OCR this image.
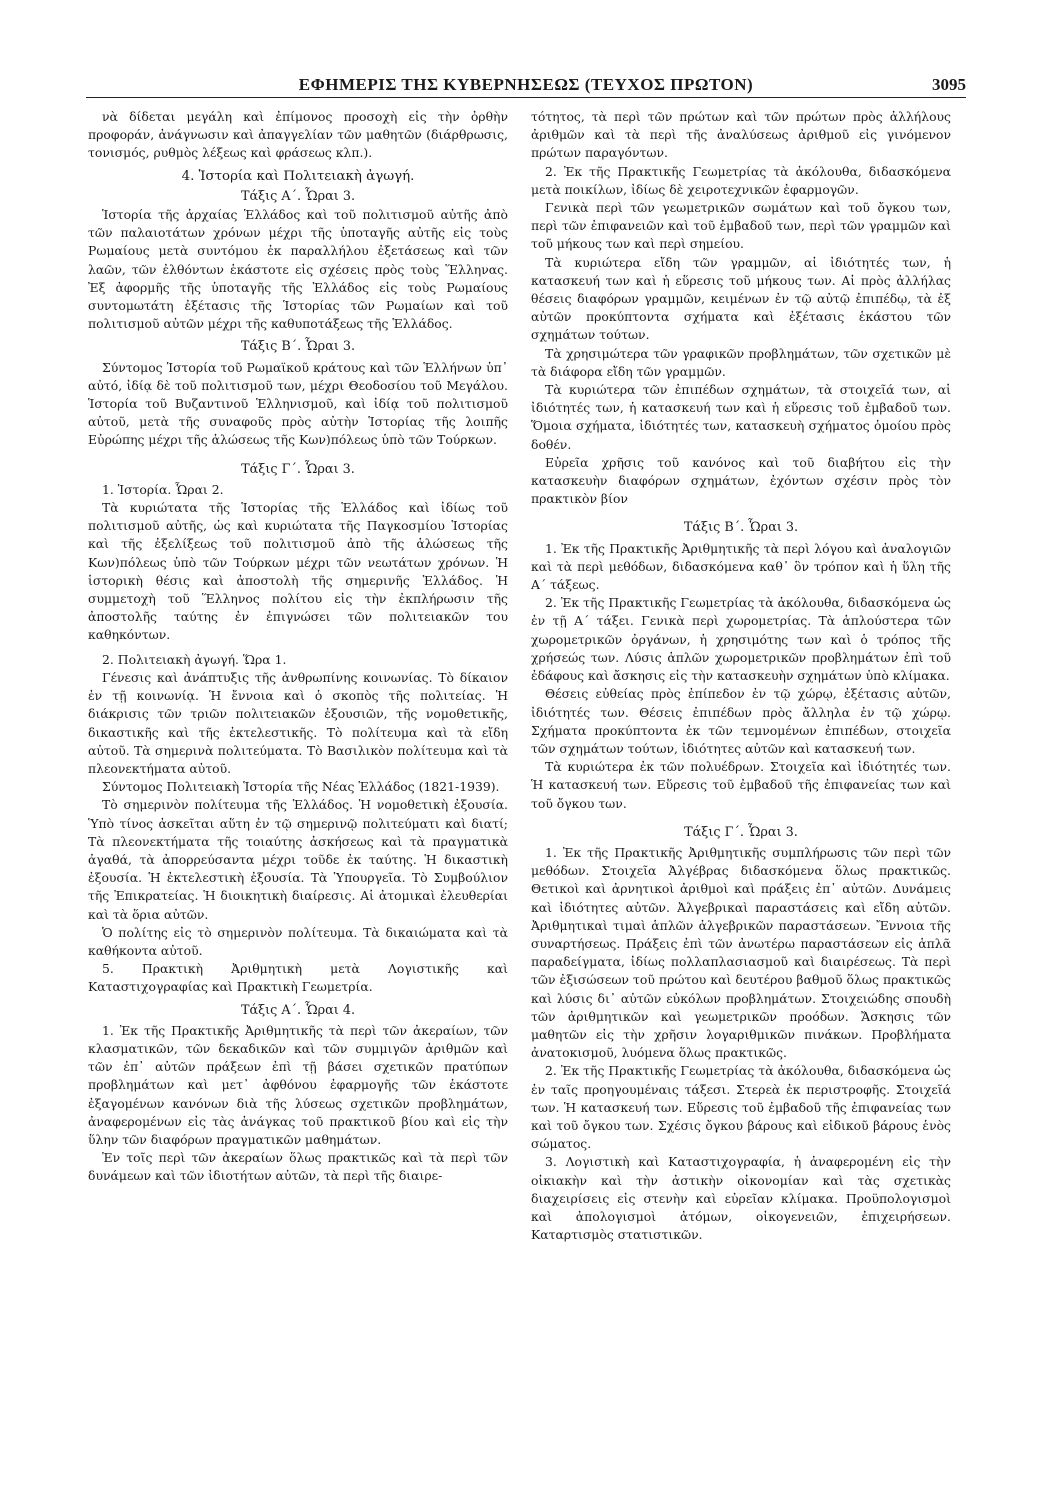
ΕΦΗΜΕΡΙΣ ΤΗΣ ΚΥΒΕΡΝΗΣΕΩΣ (ΤΕΥΧΟΣ ΠΡΩΤΟΝ)	3095

νὰ δίδεται μεγάλη καὶ ἐπίμονος προσοχὴ εἰς τὴν ὀρθὴν προφοράν, ἀνάγνωσιν καὶ ἀπαγγελίαν τῶν μαθητῶν (διάρθρωσις, τονισμός, ρυθμὸς λέξεως καὶ φράσεως κλπ.).

4. Ἱστορία καὶ Πολιτειακὴ ἀγωγή.
Τάξις Α΄. Ὧραι 3.

Ἱστορία τῆς ἀρχαίας Ἑλλάδος καὶ τοῦ πολιτισμοῦ αὐτῆς ἀπὸ τῶν παλαιοτάτων χρόνων μέχρι τῆς ὑποταγῆς αὐτῆς εἰς τοὺς Ρωμαίους μετὰ συντόμου ἐκ παραλλήλου ἐξετάσεως καὶ τῶν λαῶν, τῶν ἐλθόντων ἑκάστοτε εἰς σχέσεις πρὸς τοὺς Ἕλληνας. Ἐξ ἀφορμῆς τῆς ὑποταγῆς τῆς Ἑλλάδος εἰς τοὺς Ρωμαίους συντομωτάτη ἐξέτασις τῆς Ἱστορίας τῶν Ρωμαίων καὶ τοῦ πολιτισμοῦ αὐτῶν μέχρι τῆς καθυποτάξεως τῆς Ἑλλάδος.

Τάξις Β΄. Ὧραι 3.

Σύντομος Ἱστορία τοῦ Ρωμαϊκοῦ κράτους καὶ τῶν Ἑλλήνων ὑπ᾽ αὐτό, ἰδίᾳ δὲ τοῦ πολιτισμοῦ των, μέχρι Θεοδοσίου τοῦ Μεγάλου. Ἱστορία τοῦ Βυζαντινοῦ Ἑλληνισμοῦ, καὶ ἰδίᾳ τοῦ πολιτισμοῦ αὐτοῦ, μετὰ τῆς συναφοῦς πρὸς αὐτὴν Ἱστορίας τῆς λοιπῆς Εὐρώπης μέχρι τῆς ἁλώσεως τῆς Κων)πόλεως ὑπὸ τῶν Τούρκων.

Τάξις Γ΄. Ὧραι 3.

1. Ἱστορία. Ὧραι 2.

Τὰ κυριώτατα τῆς Ἱστορίας τῆς Ἑλλάδος καὶ ἰδίως τοῦ πολιτισμοῦ αὐτῆς, ὡς καὶ κυριώτατα τῆς Παγκοσμίου Ἱστορίας καὶ τῆς ἐξελίξεως τοῦ πολιτισμοῦ ἀπὸ τῆς ἁλώσεως τῆς Κων)πόλεως ὑπὸ τῶν Τούρκων μέχρι τῶν νεωτάτων χρόνων. Ἡ ἱστορικὴ θέσις καὶ ἀποστολὴ τῆς σημερινῆς Ἑλλάδος. Ἡ συμμετοχὴ τοῦ Ἕλληνος πολίτου εἰς τὴν ἐκπλήρωσιν τῆς ἀποστολῆς ταύτης ἐν ἐπιγνώσει τῶν πολιτειακῶν του καθηκόντων.

2. Πολιτειακὴ ἀγωγή. Ὥρα 1.

Γένεσις καὶ ἀνάπτυξις τῆς ἀνθρωπίνης κοινωνίας. Τὸ δίκαιον ἐν τῇ κοινωνίᾳ. Ἡ ἔννοια καὶ ὁ σκοπὸς τῆς πολιτείας. Ἡ διάκρισις τῶν τριῶν πολιτειακῶν ἐξουσιῶν, τῆς νομοθετικῆς, δικαστικῆς καὶ τῆς ἐκτελεστικῆς. Τὸ πολίτευμα καὶ τὰ εἴδη αὐτοῦ. Τὰ σημερινὰ πολιτεύματα. Τὸ Βασιλικὸν πολίτευμα καὶ τὰ πλεονεκτήματα αὐτοῦ.

Σύντομος Πολιτειακὴ Ἱστορία τῆς Νέας Ἑλλάδος (1821-1939).

Τὸ σημερινὸν πολίτευμα τῆς Ἑλλάδος. Ἡ νομοθετικὴ ἐξουσία. Ὑπὸ τίνος ἀσκεῖται αὕτη ἐν τῷ σημερινῷ πολιτεύματι καὶ διατί; Τὰ πλεονεκτήματα τῆς τοιαύτης ἀσκήσεως καὶ τὰ πραγματικὰ ἀγαθά, τὰ ἀπορρεύσαντα μέχρι τοῦδε ἐκ ταύτης. Ἡ δικαστικὴ ἐξουσία. Ἡ ἐκτελεστικὴ ἐξουσία. Τὰ Ὑπουργεῖα. Τὸ Συμβούλιον τῆς Ἐπικρατείας. Ἡ διοικητικὴ διαίρεσις. Αἱ ἀτομικαὶ ἐλευθερίαι καὶ τὰ ὅρια αὐτῶν.

Ὁ πολίτης εἰς τὸ σημερινὸν πολίτευμα. Τὰ δικαιώματα καὶ τὰ καθήκοντα αὐτοῦ.

5. Πρακτικὴ Ἀριθμητικὴ μετὰ Λογιστικῆς καὶ Καταστιχογραφίας καὶ Πρακτικὴ Γεωμετρία.

Τάξις Α΄. Ὧραι 4.

1. Ἐκ τῆς Πρακτικῆς Ἀριθμητικῆς τὰ περὶ τῶν ἀκεραίων, τῶν κλασματικῶν, τῶν δεκαδικῶν καὶ τῶν συμμιγῶν ἀριθμῶν καὶ τῶν ἐπ᾽ αὐτῶν πράξεων ἐπὶ τῇ βάσει σχετικῶν πρατύπων προβλημάτων καὶ μετ᾽ ἀφθόνου ἐφαρμογῆς τῶν ἑκάστοτε ἐξαγομένων κανόνων διὰ τῆς λύσεως σχετικῶν προβλημάτων, ἀναφερομένων εἰς τὰς ἀνάγκας τοῦ πρακτικοῦ βίου καὶ εἰς τὴν ὕλην τῶν διαφόρων πραγματικῶν μαθημάτων.

Ἐν τοῖς περὶ τῶν ἀκεραίων ὅλως πρακτικῶς καὶ τὰ περὶ τῶν δυνάμεων καὶ τῶν ἰδιοτήτων αὐτῶν, τὰ περὶ τῆς διαιρε-

τότητος, τὰ περὶ τῶν πρώτων καὶ τῶν πρώτων πρὸς ἀλλήλους ἀριθμῶν καὶ τὰ περὶ τῆς ἀναλύσεως ἀριθμοῦ εἰς γινόμενον πρώτων παραγόντων.

2. Ἐκ τῆς Πρακτικῆς Γεωμετρίας τὰ ἀκόλουθα, διδασκόμενα μετὰ ποικίλων, ἰδίως δὲ χειροτεχνικῶν ἐφαρμογῶν.

Γενικὰ περὶ τῶν γεωμετρικῶν σωμάτων καὶ τοῦ ὄγκου των, περὶ τῶν ἐπιφανειῶν καὶ τοῦ ἐμβαδοῦ των, περὶ τῶν γραμμῶν καὶ τοῦ μήκους των καὶ περὶ σημείου.

Τὰ κυριώτερα εἴδη τῶν γραμμῶν, αἱ ἰδιότητές των, ἡ κατασκευή των καὶ ἡ εὕρεσις τοῦ μήκους των. Αἱ πρὸς ἀλλήλας θέσεις διαφόρων γραμμῶν, κειμένων ἐν τῷ αὐτῷ ἐπιπέδῳ, τὰ ἐξ αὐτῶν προκύπτοντα σχήματα καὶ ἐξέτασις ἑκάστου τῶν σχημάτων τούτων.

Τὰ χρησιμώτερα τῶν γραφικῶν προβλημάτων, τῶν σχετικῶν μὲ τὰ διάφορα εἴδη τῶν γραμμῶν.

Τὰ κυριώτερα τῶν ἐπιπέδων σχημάτων, τὰ στοιχεῖά των, αἱ ἰδιότητές των, ἡ κατασκευή των καὶ ἡ εὕρεσις τοῦ ἐμβαδοῦ των. Ὅμοια σχήματα, ἰδιότητές των, κατασκευὴ σχήματος ὁμοίου πρὸς δοθέν.

Εὐρεῖα χρῆσις τοῦ κανόνος καὶ τοῦ διαβήτου εἰς τὴν κατασκευὴν διαφόρων σχημάτων, ἐχόντων σχέσιν πρὸς τὸν πρακτικὸν βίον

Τάξις Β΄. Ὧραι 3.

1. Ἐκ τῆς Πρακτικῆς Ἀριθμητικῆς τὰ περὶ λόγου καὶ ἀναλογιῶν καὶ τὰ περὶ μεθόδων, διδασκόμενα καθ᾽ ὃν τρόπον καὶ ἡ ὕλη τῆς Α΄ τάξεως.

2. Ἐκ τῆς Πρακτικῆς Γεωμετρίας τὰ ἀκόλουθα, διδασκόμενα ὡς ἐν τῇ Α΄ τάξει. Γενικὰ περὶ χωρομετρίας. Τὰ ἁπλούστερα τῶν χωρομετρικῶν ὀργάνων, ἡ χρησιμότης των καὶ ὁ τρόπος τῆς χρήσεώς των. Λύσις ἁπλῶν χωρομετρικῶν προβλημάτων ἐπὶ τοῦ ἐδάφους καὶ ἄσκησις εἰς τὴν κατασκευὴν σχημάτων ὑπὸ κλίμακα.

Θέσεις εὐθείας πρὸς ἐπίπεδον ἐν τῷ χώρῳ, ἐξέτασις αὐτῶν, ἰδιότητές των. Θέσεις ἐπιπέδων πρὸς ἄλληλα ἐν τῷ χώρῳ. Σχήματα προκύπτοντα ἐκ τῶν τεμνομένων ἐπιπέδων, στοιχεῖα τῶν σχημάτων τούτων, ἰδιότητες αὐτῶν καὶ κατασκευή των.

Τὰ κυριώτερα ἐκ τῶν πολυέδρων. Στοιχεῖα καὶ ἰδιότητές των. Ἡ κατασκευή των. Εὕρεσις τοῦ ἐμβαδοῦ τῆς ἐπιφανείας των καὶ τοῦ ὄγκου των.

Τάξις Γ΄. Ὧραι 3.

1. Ἐκ τῆς Πρακτικῆς Ἀριθμητικῆς συμπλήρωσις τῶν περὶ τῶν μεθόδων. Στοιχεῖα Ἀλγέβρας διδασκόμενα ὅλως πρακτικῶς. Θετικοὶ καὶ ἀρνητικοὶ ἀριθμοὶ καὶ πράξεις ἐπ᾽ αὐτῶν. Δυνάμεις καὶ ἰδιότητες αὐτῶν. Ἀλγεβρικαὶ παραστάσεις καὶ εἴδη αὐτῶν. Ἀριθμητικαὶ τιμαὶ ἁπλῶν ἀλγεβρικῶν παραστάσεων. Ἔννοια τῆς συναρτήσεως. Πράξεις ἐπὶ τῶν ἀνωτέρω παραστάσεων εἰς ἁπλᾶ παραδείγματα, ἰδίως πολλαπλασιασμοῦ καὶ διαιρέσεως. Τὰ περὶ τῶν ἐξισώσεων τοῦ πρώτου καὶ δευτέρου βαθμοῦ ὅλως πρακτικῶς καὶ λύσις δι᾽ αὐτῶν εὐκόλων προβλημάτων. Στοιχειώδης σπουδὴ τῶν ἀριθμητικῶν καὶ γεωμετρικῶν προόδων. Ἄσκησις τῶν μαθητῶν εἰς τὴν χρῆσιν λογαριθμικῶν πινάκων. Προβλήματα ἀνατοκισμοῦ, λυόμενα ὅλως πρακτικῶς.

2. Ἐκ τῆς Πρακτικῆς Γεωμετρίας τὰ ἀκόλουθα, διδασκόμενα ὡς ἐν ταῖς προηγουμέναις τάξεσι. Στερεὰ ἐκ περιστροφῆς. Στοιχεῖά των. Ἡ κατασκευή των. Εὕρεσις τοῦ ἐμβαδοῦ τῆς ἐπιφανείας των καὶ τοῦ ὄγκου των. Σχέσις ὄγκου βάρους καὶ εἰδικοῦ βάρους ἑνὸς σώματος.

3. Λογιστικὴ καὶ Καταστιχογραφία, ἡ ἀναφερομένη εἰς τὴν οἰκιακὴν καὶ τὴν ἀστικὴν οἰκονομίαν καὶ τὰς σχετικὰς διαχειρίσεις εἰς στενὴν καὶ εὐρεῖαν κλίμακα. Προϋπολογισμοὶ καὶ ἀπολογισμοὶ ἀτόμων, οἰκογενειῶν, ἐπιχειρήσεων. Καταρτισμὸς στατιστικῶν.
